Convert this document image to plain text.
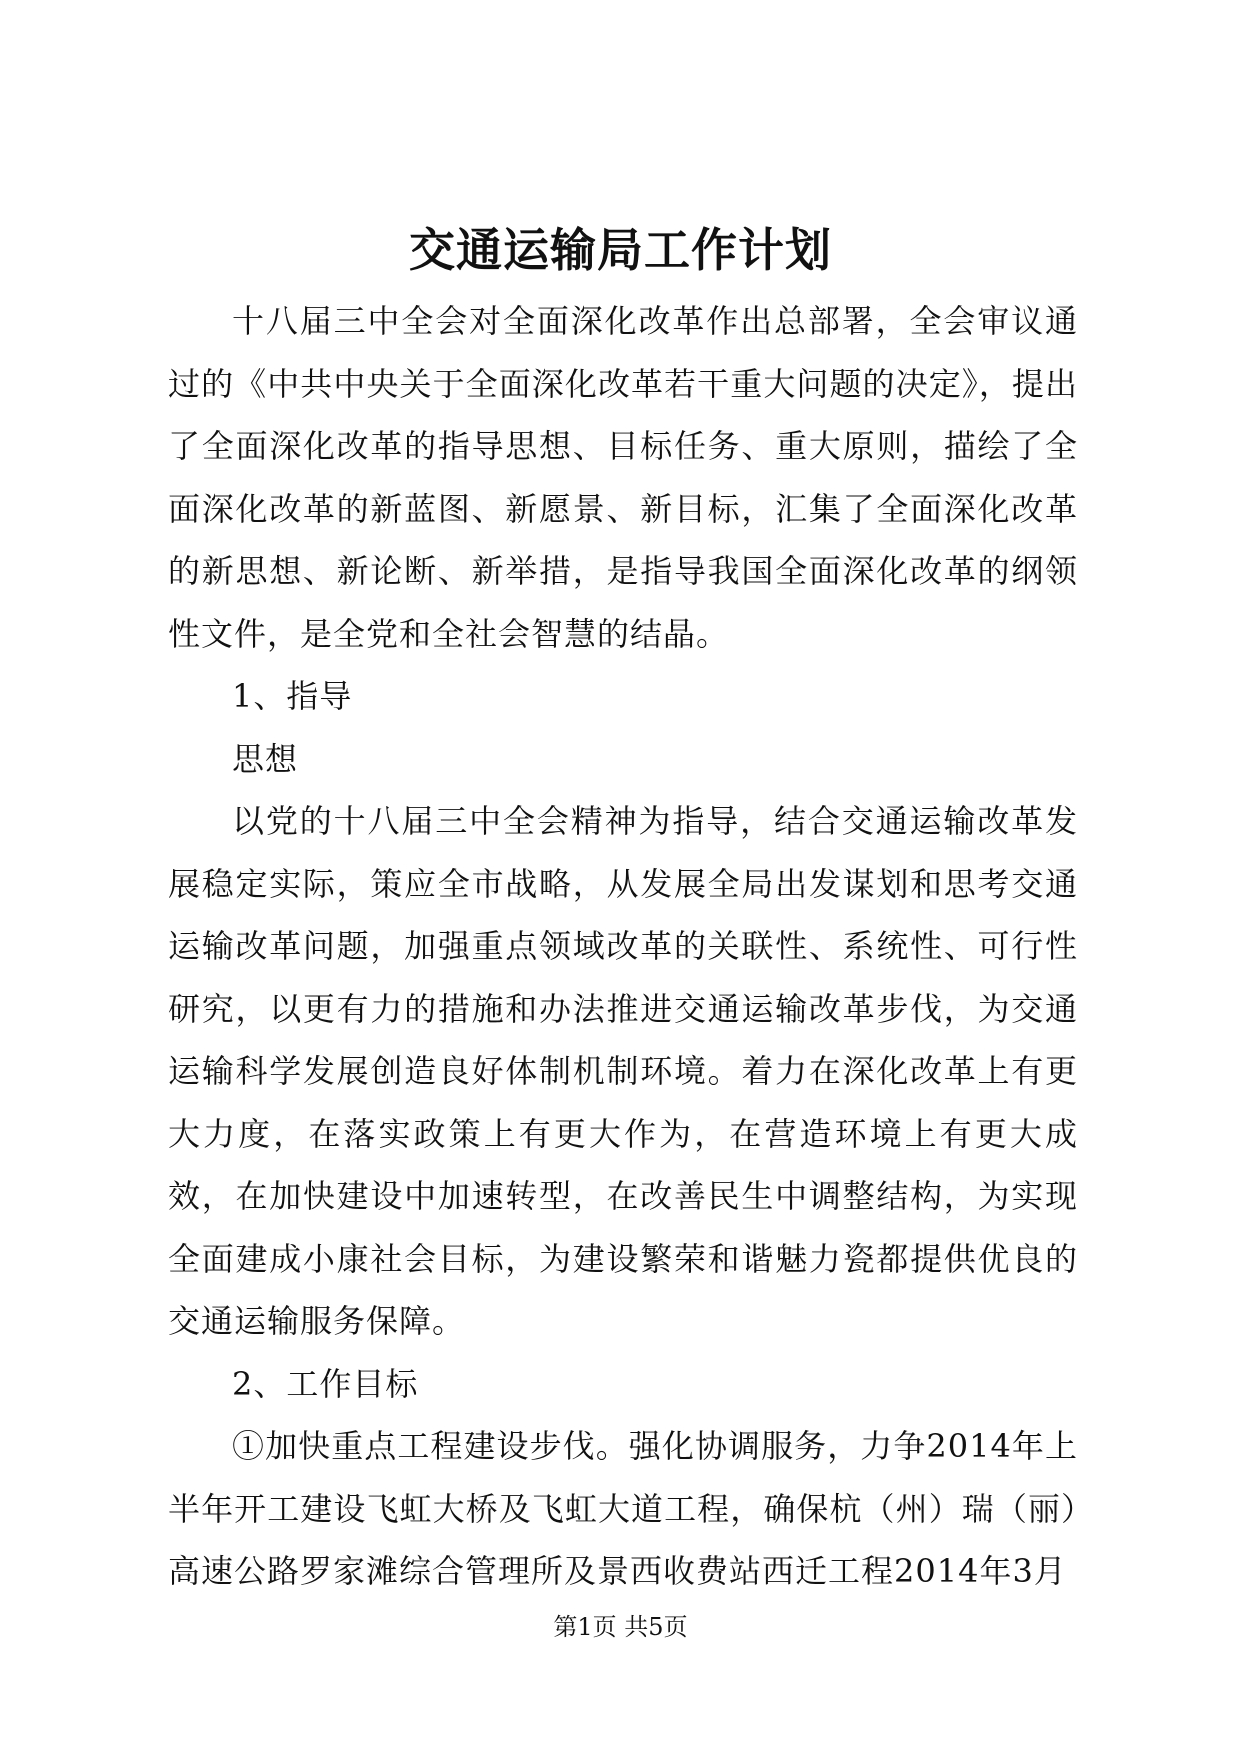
交通运输局工作计划

十八届三中全会对全面深化改革作出总部署，全会审议通过的《中共中央关于全面深化改革若干重大问题的决定》，提出了全面深化改革的指导思想、目标任务、重大原则，描绘了全面深化改革的新蓝图、新愿景、新目标，汇集了全面深化改革的新思想、新论断、新举措，是指导我国全面深化改革的纲领性文件，是全党和全社会智慧的结晶。

1、指导

思想

以党的十八届三中全会精神为指导，结合交通运输改革发展稳定实际，策应全市战略，从发展全局出发谋划和思考交通运输改革问题，加强重点领域改革的关联性、系统性、可行性研究，以更有力的措施和办法推进交通运输改革步伐，为交通运输科学发展创造良好体制机制环境。着力在深化改革上有更大力度，在落实政策上有更大作为，在营造环境上有更大成效，在加快建设中加速转型，在改善民生中调整结构，为实现全面建成小康社会目标，为建设繁荣和谐魅力瓷都提供优良的交通运输服务保障。

2、工作目标

①加快重点工程建设步伐。强化协调服务，力争2014年上半年开工建设飞虹大桥及飞虹大道工程，确保杭（州）瑞（丽）高速公路罗家滩综合管理所及景西收费站西迁工程2014年3月

第1页 共5页
